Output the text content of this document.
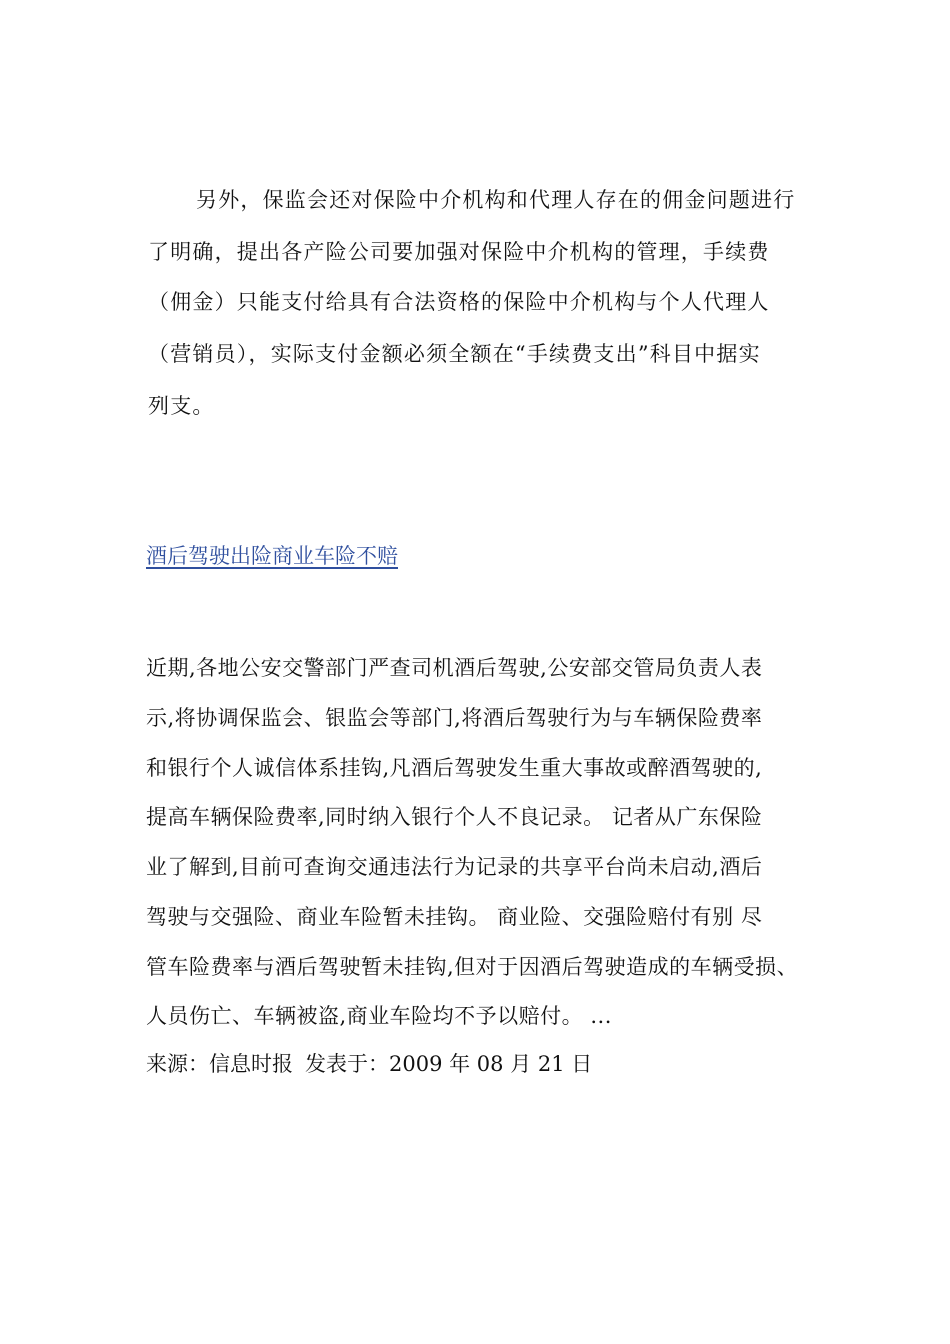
另外，保监会还对保险中介机构和代理人存在的佣金问题进行
了明确，提出各产险公司要加强对保险中介机构的管理，手续费
（佣金）只能支付给具有合法资格的保险中介机构与个人代理人
（营销员），实际支付金额必须全额在“手续费支出”科目中据实
列支。
酒后驾驶出险商业车险不赔
近期,各地公安交警部门严查司机酒后驾驶,公安部交管局负责人表
示,将协调保监会、银监会等部门,将酒后驾驶行为与车辆保险费率
和银行个人诚信体系挂钩,凡酒后驾驶发生重大事故或醉酒驾驶的,
提高车辆保险费率,同时纳入银行个人不良记录。 记者从广东保险
业了解到,目前可查询交通违法行为记录的共享平台尚未启动,酒后
驾驶与交强险、商业车险暂未挂钩。 商业险、交强险赔付有别 尽
管车险费率与酒后驾驶暂未挂钩,但对于因酒后驾驶造成的车辆受损、
人员伤亡、车辆被盗,商业车险均不予以赔付。 ...
来源：信息时报 发表于：2009 年 08 月 21 日
